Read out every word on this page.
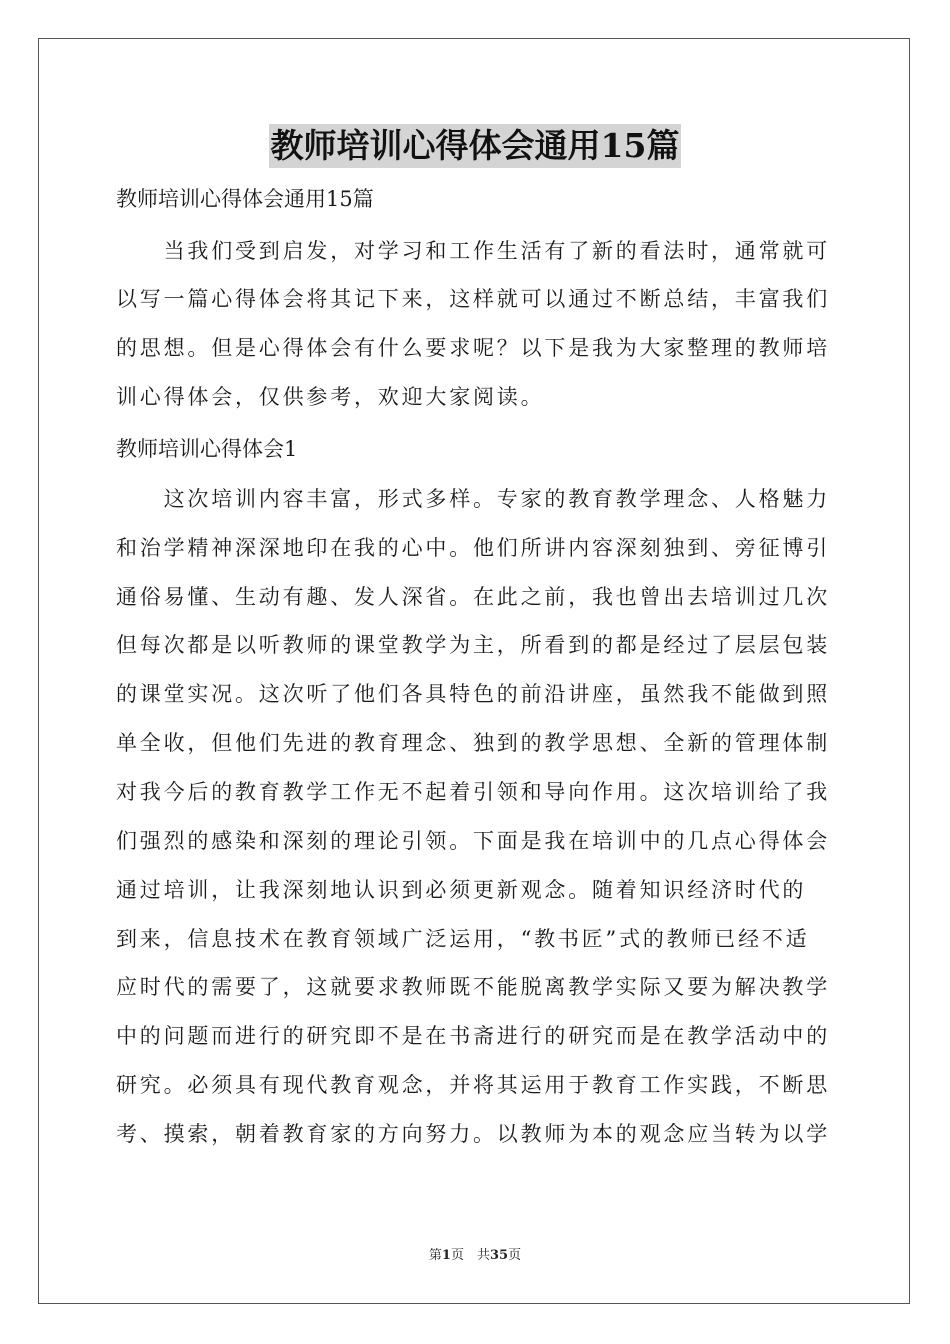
教师培训心得体会通用15篇
教师培训心得体会通用15篇
　　当我们受到启发，对学习和工作生活有了新的看法时，通常就可
以写一篇心得体会将其记下来，这样就可以通过不断总结，丰富我们
的思想。但是心得体会有什么要求呢？以下是我为大家整理的教师培
训心得体会，仅供参考，欢迎大家阅读。
教师培训心得体会1
　　这次培训内容丰富，形式多样。专家的教育教学理念、人格魅力
和治学精神深深地印在我的心中。他们所讲内容深刻独到、旁征博引
通俗易懂、生动有趣、发人深省。在此之前，我也曾出去培训过几次
但每次都是以听教师的课堂教学为主，所看到的都是经过了层层包装
的课堂实况。这次听了他们各具特色的前沿讲座，虽然我不能做到照
单全收，但他们先进的教育理念、独到的教学思想、全新的管理体制
对我今后的教育教学工作无不起着引领和导向作用。这次培训给了我
们强烈的感染和深刻的理论引领。下面是我在培训中的几点心得体会
通过培训，让我深刻地认识到必须更新观念。随着知识经济时代的
到来，信息技术在教育领域广泛运用，“教书匠”式的教师已经不适
应时代的需要了，这就要求教师既不能脱离教学实际又要为解决教学
中的问题而进行的研究即不是在书斋进行的研究而是在教学活动中的
研究。必须具有现代教育观念，并将其运用于教育工作实践，不断思
考、摸索，朝着教育家的方向努力。以教师为本的观念应当转为以学
第1页　共35页
